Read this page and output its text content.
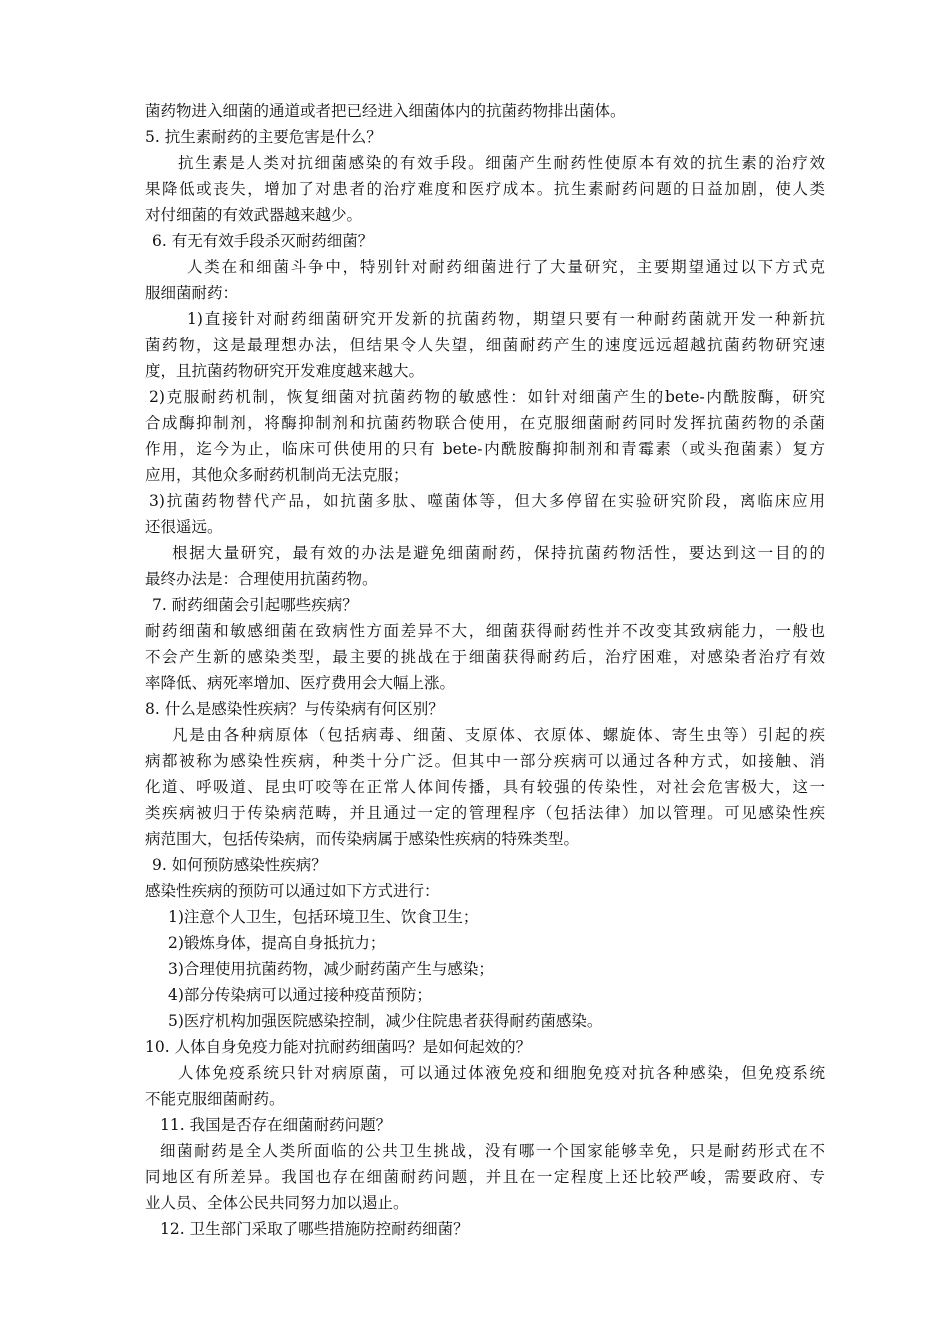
菌药物进入细菌的通道或者把已经进入细菌体内的抗菌药物排出菌体。
5. 抗生素耐药的主要危害是什么？
抗生素是人类对抗细菌感染的有效手段。细菌产生耐药性使原本有效的抗生素的治疗效
果降低或丧失，增加了对患者的治疗难度和医疗成本。抗生素耐药问题的日益加剧，使人类
对付细菌的有效武器越来越少。
6. 有无有效手段杀灭耐药细菌？
人类在和细菌斗争中，特别针对耐药细菌进行了大量研究，主要期望通过以下方式克
服细菌耐药：
1)直接针对耐药细菌研究开发新的抗菌药物，期望只要有一种耐药菌就开发一种新抗
菌药物，这是最理想办法，但结果令人失望，细菌耐药产生的速度远远超越抗菌药物研究速
度，且抗菌药物研究开发难度越来越大。
2)克服耐药机制，恢复细菌对抗菌药物的敏感性：如针对细菌产生的bete-内酰胺酶，研究
合成酶抑制剂，将酶抑制剂和抗菌药物联合使用，在克服细菌耐药同时发挥抗菌药物的杀菌
作用，迄今为止，临床可供使用的只有 bete-内酰胺酶抑制剂和青霉素（或头孢菌素）复方
应用，其他众多耐药机制尚无法克服；
3)抗菌药物替代产品，如抗菌多肽、噬菌体等，但大多停留在实验研究阶段，离临床应用
还很遥远。
根据大量研究，最有效的办法是避免细菌耐药，保持抗菌药物活性，要达到这一目的的
最终办法是：合理使用抗菌药物。
7. 耐药细菌会引起哪些疾病？
耐药细菌和敏感细菌在致病性方面差异不大，细菌获得耐药性并不改变其致病能力，一般也
不会产生新的感染类型，最主要的挑战在于细菌获得耐药后，治疗困难，对感染者治疗有效
率降低、病死率增加、医疗费用会大幅上涨。
8. 什么是感染性疾病？与传染病有何区别？
凡是由各种病原体（包括病毒、细菌、支原体、衣原体、螺旋体、寄生虫等）引起的疾
病都被称为感染性疾病，种类十分广泛。但其中一部分疾病可以通过各种方式，如接触、消
化道、呼吸道、昆虫叮咬等在正常人体间传播，具有较强的传染性，对社会危害极大，这一
类疾病被归于传染病范畴，并且通过一定的管理程序（包括法律）加以管理。可见感染性疾
病范围大，包括传染病，而传染病属于感染性疾病的特殊类型。
9. 如何预防感染性疾病？
感染性疾病的预防可以通过如下方式进行：
1)注意个人卫生，包括环境卫生、饮食卫生；
2)锻炼身体，提高自身抵抗力；
3)合理使用抗菌药物，减少耐药菌产生与感染；
4)部分传染病可以通过接种疫苗预防；
5)医疗机构加强医院感染控制，减少住院患者获得耐药菌感染。
10. 人体自身免疫力能对抗耐药细菌吗？是如何起效的？
人体免疫系统只针对病原菌，可以通过体液免疫和细胞免疫对抗各种感染，但免疫系统
不能克服细菌耐药。
11. 我国是否存在细菌耐药问题？
细菌耐药是全人类所面临的公共卫生挑战，没有哪一个国家能够幸免，只是耐药形式在不
同地区有所差异。我国也存在细菌耐药问题，并且在一定程度上还比较严峻，需要政府、专
业人员、全体公民共同努力加以遏止。
12. 卫生部门采取了哪些措施防控耐药细菌？
